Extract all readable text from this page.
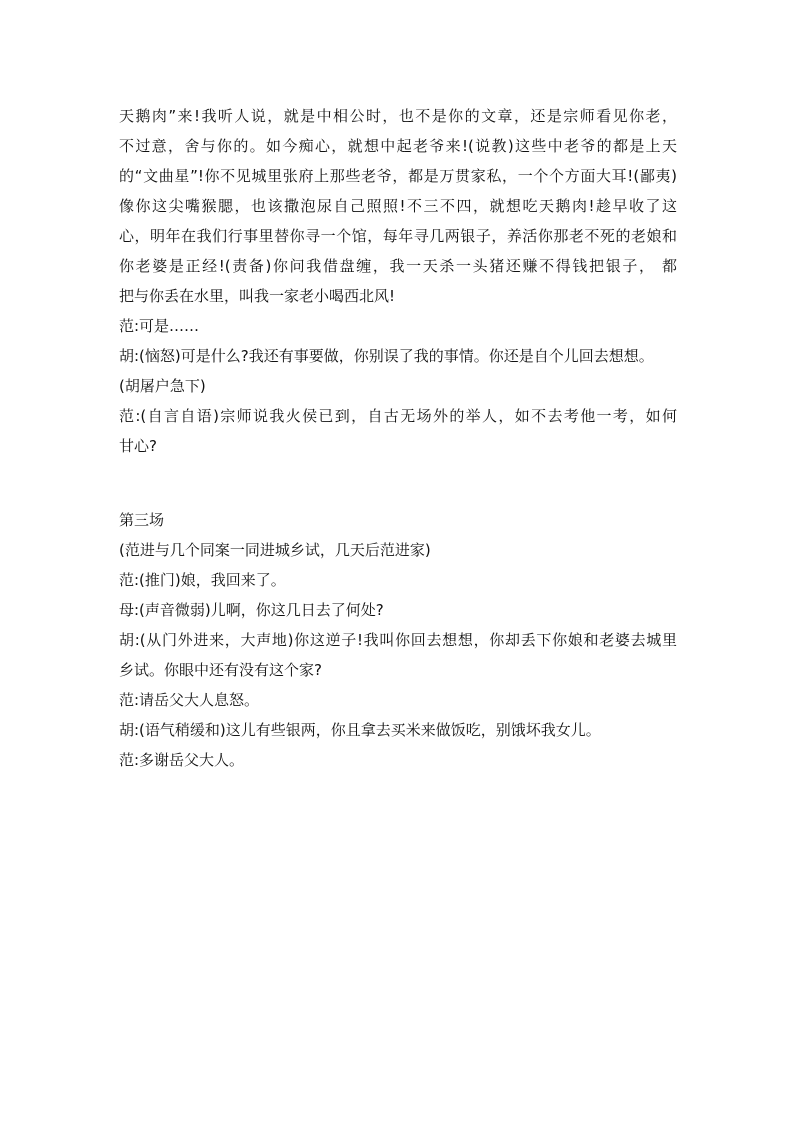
天鹅肉”来!我听人说，就是中相公时，也不是你的文章，还是宗师看见你老，
不过意，舍与你的。如今痴心，就想中起老爷来!(说教)这些中老爷的都是上天
的“文曲星”!你不见城里张府上那些老爷，都是万贯家私，一个个方面大耳!(鄙夷)
像你这尖嘴猴腮，也该撒泡尿自己照照!不三不四，就想吃天鹅肉!趁早收了这
心，明年在我们行事里替你寻一个馆，每年寻几两银子，养活你那老不死的老娘和
你老婆是正经!(责备)你问我借盘缠，我一天杀一头猪还赚不得钱把银子， 都
把与你丢在水里，叫我一家老小喝西北风!
范:可是……
胡:(恼怒)可是什么?我还有事要做，你别误了我的事情。你还是自个儿回去想想。
(胡屠户急下)
范:(自言自语)宗师说我火侯已到，自古无场外的举人，如不去考他一考，如何
甘心?
第三场
(范进与几个同案一同进城乡试，几天后范进家)
范:(推门)娘，我回来了。
母:(声音微弱)儿啊，你这几日去了何处?
胡:(从门外进来，大声地)你这逆子!我叫你回去想想，你却丢下你娘和老婆去城里
乡试。你眼中还有没有这个家?
范:请岳父大人息怒。
胡:(语气稍缓和)这儿有些银两，你且拿去买米来做饭吃，别饿坏我女儿。
范:多谢岳父大人。
